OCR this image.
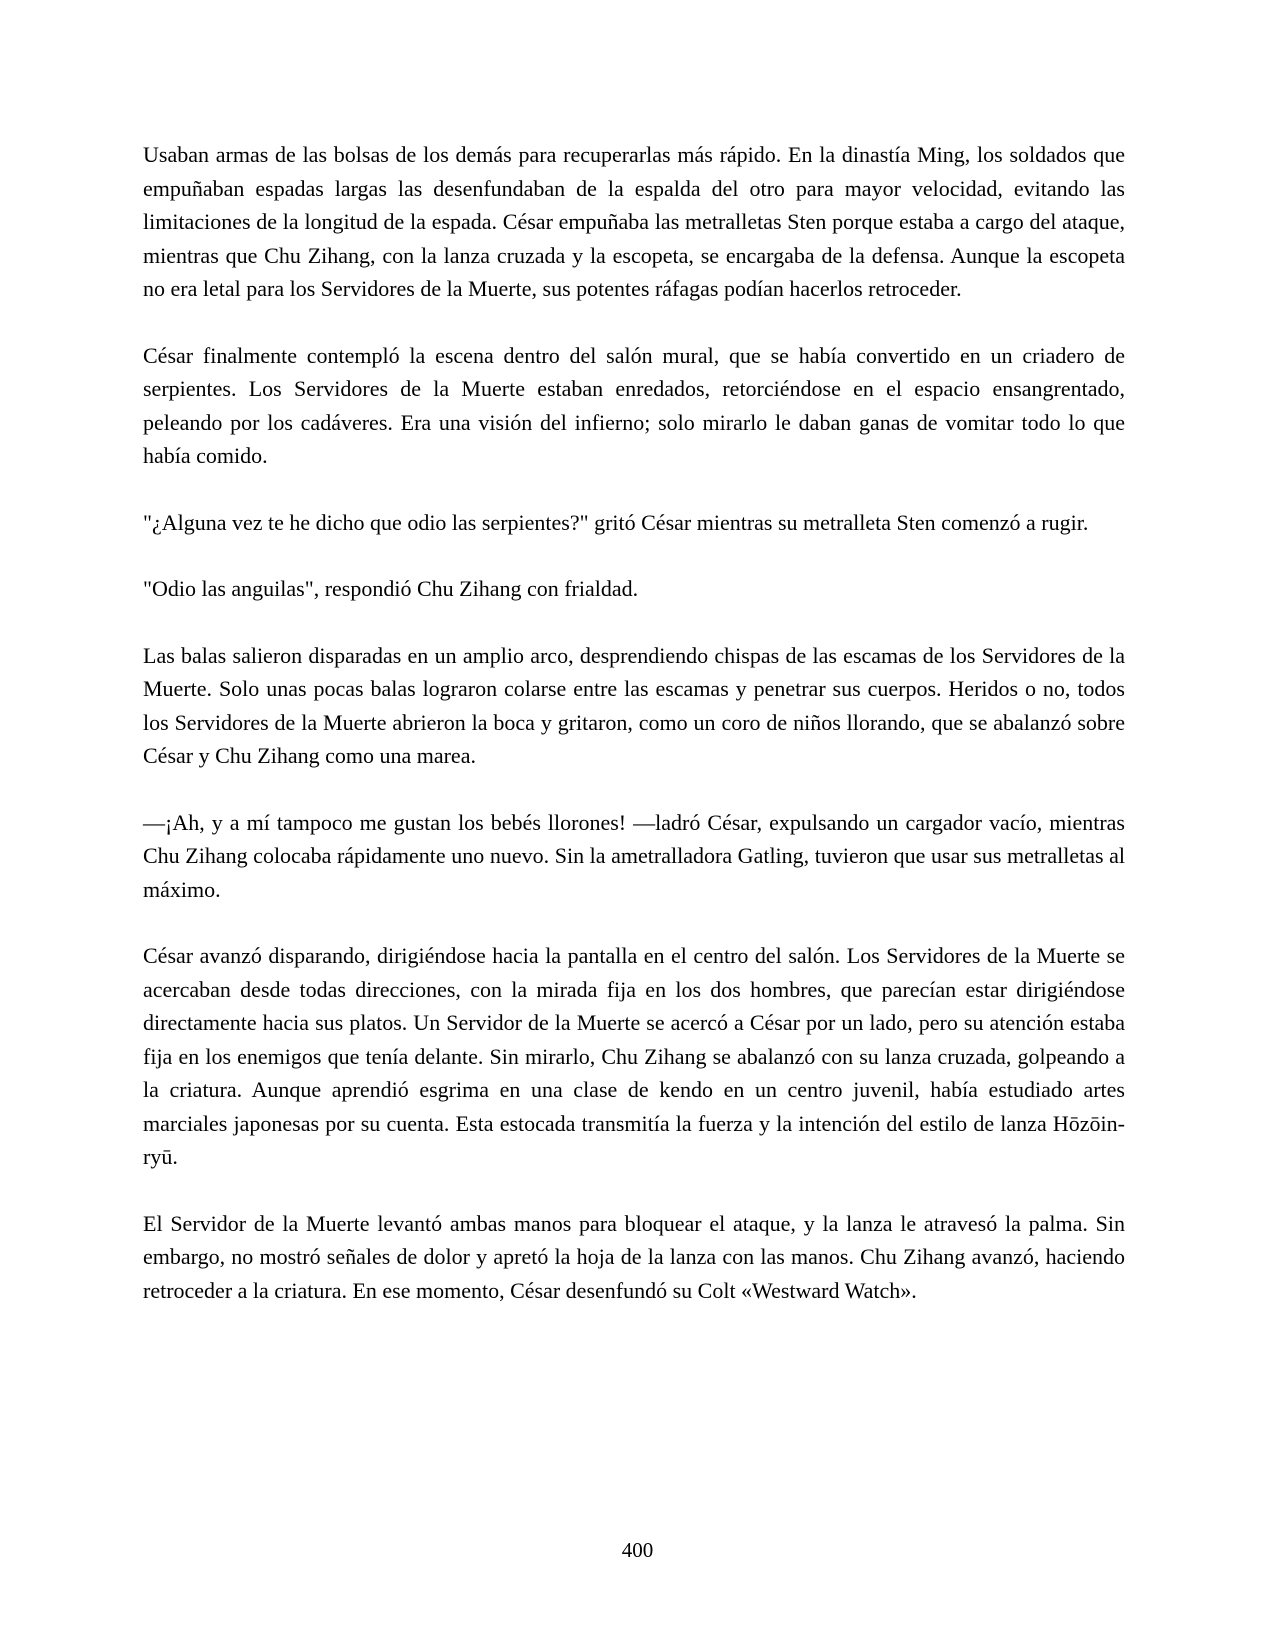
Usaban armas de las bolsas de los demás para recuperarlas más rápido. En la dinastía Ming, los soldados que empuñaban espadas largas las desenfundaban de la espalda del otro para mayor velocidad, evitando las limitaciones de la longitud de la espada. César empuñaba las metralletas Sten porque estaba a cargo del ataque, mientras que Chu Zihang, con la lanza cruzada y la escopeta, se encargaba de la defensa. Aunque la escopeta no era letal para los Servidores de la Muerte, sus potentes ráfagas podían hacerlos retroceder.

César finalmente contempló la escena dentro del salón mural, que se había convertido en un criadero de serpientes. Los Servidores de la Muerte estaban enredados, retorciéndose en el espacio ensangrentado, peleando por los cadáveres. Era una visión del infierno; solo mirarlo le daban ganas de vomitar todo lo que había comido.

"¿Alguna vez te he dicho que odio las serpientes?" gritó César mientras su metralleta Sten comenzó a rugir.

"Odio las anguilas", respondió Chu Zihang con frialdad.

Las balas salieron disparadas en un amplio arco, desprendiendo chispas de las escamas de los Servidores de la Muerte. Solo unas pocas balas lograron colarse entre las escamas y penetrar sus cuerpos. Heridos o no, todos los Servidores de la Muerte abrieron la boca y gritaron, como un coro de niños llorando, que se abalanzó sobre César y Chu Zihang como una marea.

—¡Ah, y a mí tampoco me gustan los bebés llorones! —ladró César, expulsando un cargador vacío, mientras Chu Zihang colocaba rápidamente uno nuevo. Sin la ametralladora Gatling, tuvieron que usar sus metralletas al máximo.

César avanzó disparando, dirigiéndose hacia la pantalla en el centro del salón. Los Servidores de la Muerte se acercaban desde todas direcciones, con la mirada fija en los dos hombres, que parecían estar dirigiéndose directamente hacia sus platos. Un Servidor de la Muerte se acercó a César por un lado, pero su atención estaba fija en los enemigos que tenía delante. Sin mirarlo, Chu Zihang se abalanzó con su lanza cruzada, golpeando a la criatura. Aunque aprendió esgrima en una clase de kendo en un centro juvenil, había estudiado artes marciales japonesas por su cuenta. Esta estocada transmitía la fuerza y la intención del estilo de lanza Hōzōin-ryū.

El Servidor de la Muerte levantó ambas manos para bloquear el ataque, y la lanza le atravesó la palma. Sin embargo, no mostró señales de dolor y apretó la hoja de la lanza con las manos. Chu Zihang avanzó, haciendo retroceder a la criatura. En ese momento, César desenfundó su Colt «Westward Watch».

400
